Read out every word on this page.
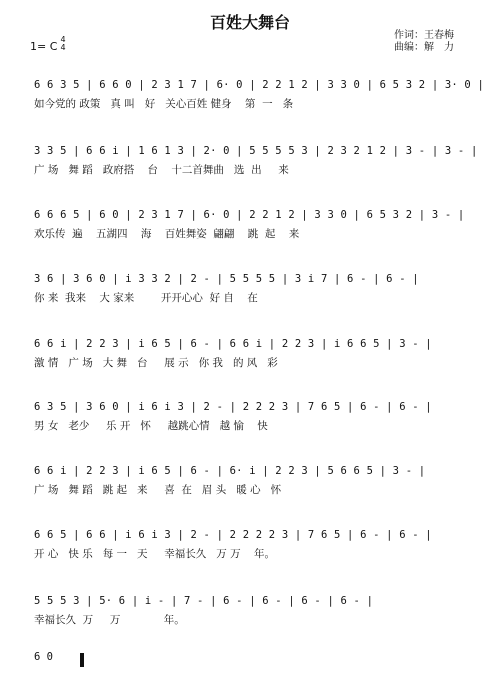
百姓大舞台
1= C
4
4
作词：王春梅
曲编：解　力
6 6 3 5 | 6 6 0 | 2 3 1 7 | 6· 0 | 2 2 1 2 | 3 3 0 | 6 5 3 2 | 3· 0 |
如今党的 政策   真 叫   好   关心百姓 健身    第  一   条
3 3 5 | 6 6 i | 1 6 1 3 | 2· 0 | 5 5 5 5 3 | 2 3 2 1 2 | 3 - | 3 - |
广 场   舞 蹈   政府搭    台    十二首舞曲   选  出     来
6 6 6 5 | 6 0 | 2 3 1 7 | 6· 0 | 2 2 1 2 | 3 3 0 | 6 5 3 2 | 3 - |
欢乐传  遍    五湖四    海    百姓舞姿  翩翩    跳  起    来
3 6 | 3 6 0 | i 3 3 2 | 2 - | 5 5 5 5 | 3 i 7 | 6 - | 6 - |
你 来  我来    大 家来        开开心心  好 自    在
6 6 i | 2 2 3 | i 6 5 | 6 - | 6 6 i | 2 2 3 | i 6 6 5 | 3 - |
激 情   广 场   大 舞   台     展 示   你 我   的 风   彩
6 3 5 | 3 6 0 | i 6 i 3 | 2 - | 2 2 2 3 | 7 6 5 | 6 - | 6 - |
男 女   老少     乐 开   怀     越跳心情   越 愉    快
6 6 i | 2 2 3 | i 6 5 | 6 - | 6· i | 2 2 3 | 5 6 6 5 | 3 - |
广 场   舞 蹈   跳 起   来     喜  在   眉 头   暖 心   怀
6 6 5 | 6 6 | i 6 i 3 | 2 - | 2 2 2 2 3 | 7 6 5 | 6 - | 6 - |
开 心   快 乐   每 一   天     幸福长久   万 万    年。
5 5 5 3 | 5· 6 | i - | 7 - | 6 - | 6 - | 6 - | 6 - |
幸福长久  万     万             年。
6 0
